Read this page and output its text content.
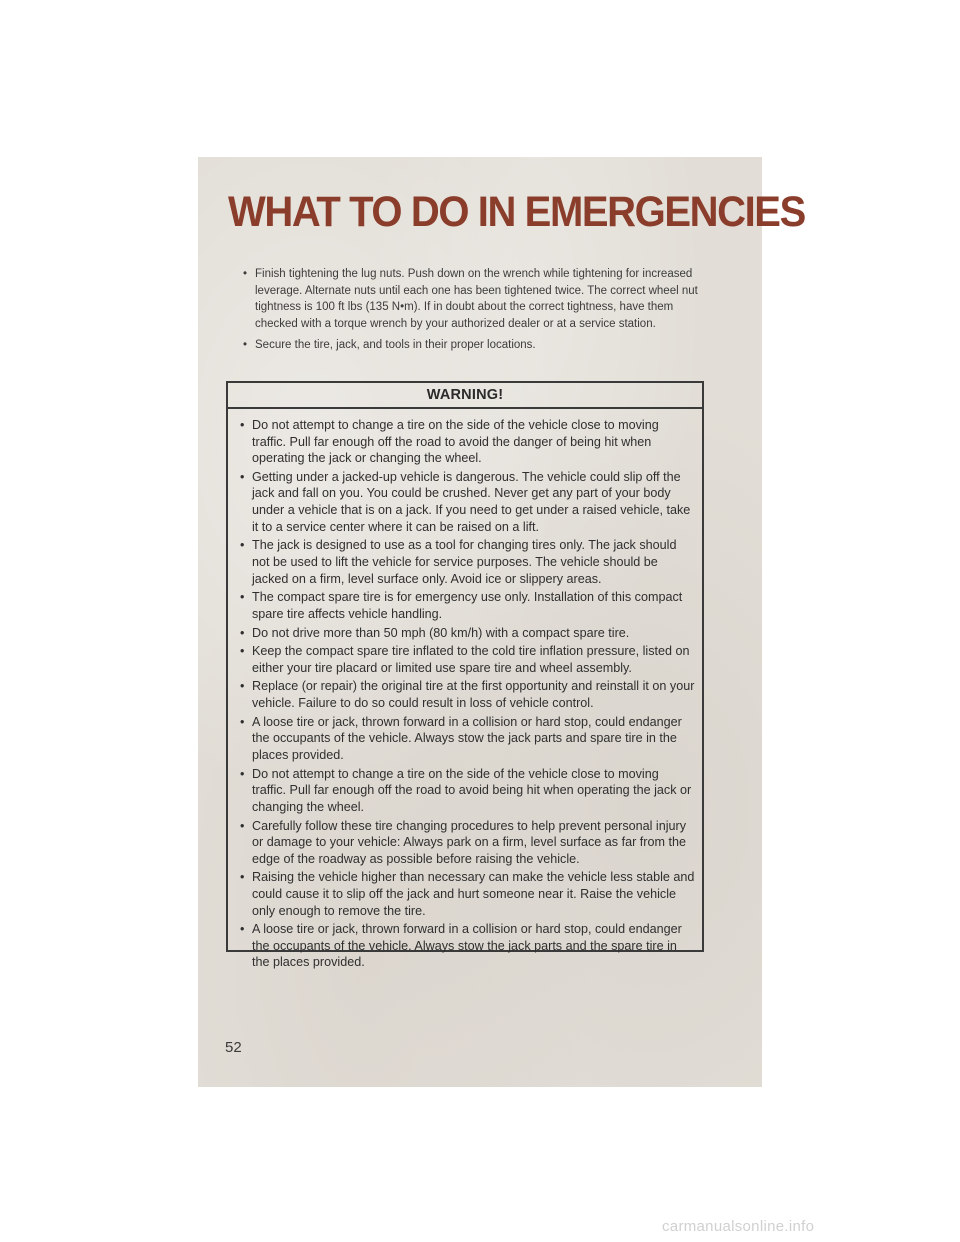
WHAT TO DO IN EMERGENCIES
• Finish tightening the lug nuts. Push down on the wrench while tightening for increased leverage. Alternate nuts until each one has been tightened twice. The correct wheel nut tightness is 100 ft lbs (135 N•m). If in doubt about the correct tightness, have them checked with a torque wrench by your authorized dealer or at a service station.
• Secure the tire, jack, and tools in their proper locations.
WARNING!
• Do not attempt to change a tire on the side of the vehicle close to moving traffic. Pull far enough off the road to avoid the danger of being hit when operating the jack or changing the wheel.
• Getting under a jacked-up vehicle is dangerous. The vehicle could slip off the jack and fall on you. You could be crushed. Never get any part of your body under a vehicle that is on a jack. If you need to get under a raised vehicle, take it to a service center where it can be raised on a lift.
• The jack is designed to use as a tool for changing tires only. The jack should not be used to lift the vehicle for service purposes. The vehicle should be jacked on a firm, level surface only. Avoid ice or slippery areas.
• The compact spare tire is for emergency use only. Installation of this compact spare tire affects vehicle handling.
• Do not drive more than 50 mph (80 km/h) with a compact spare tire.
• Keep the compact spare tire inflated to the cold tire inflation pressure, listed on either your tire placard or limited use spare tire and wheel assembly.
• Replace (or repair) the original tire at the first opportunity and reinstall it on your vehicle. Failure to do so could result in loss of vehicle control.
• A loose tire or jack, thrown forward in a collision or hard stop, could endanger the occupants of the vehicle. Always stow the jack parts and spare tire in the places provided.
• Do not attempt to change a tire on the side of the vehicle close to moving traffic. Pull far enough off the road to avoid being hit when operating the jack or changing the wheel.
• Carefully follow these tire changing procedures to help prevent personal injury or damage to your vehicle: Always park on a firm, level surface as far from the edge of the roadway as possible before raising the vehicle.
• Raising the vehicle higher than necessary can make the vehicle less stable and could cause it to slip off the jack and hurt someone near it. Raise the vehicle only enough to remove the tire.
• A loose tire or jack, thrown forward in a collision or hard stop, could endanger the occupants of the vehicle. Always stow the jack parts and the spare tire in the places provided.
52
carmanualsonline.info
